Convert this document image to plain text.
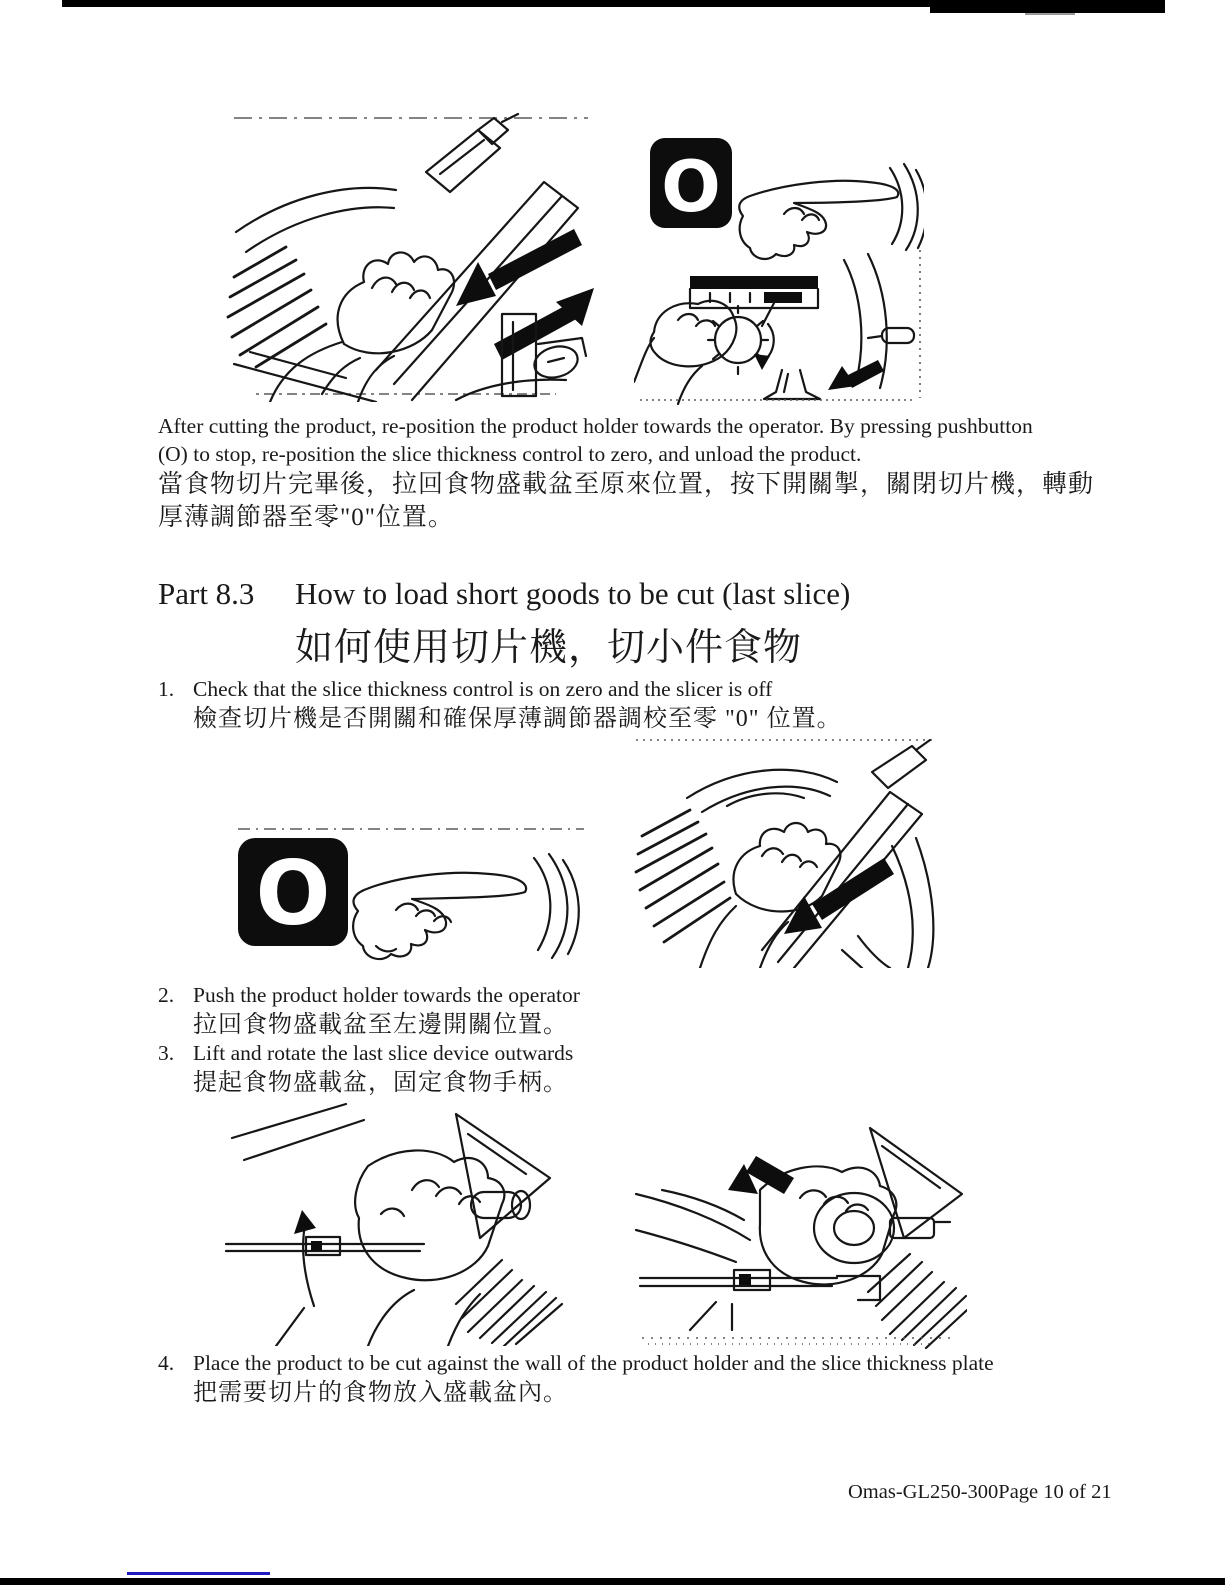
O
After cutting the product, re-position the product holder towards the operator. By pressing pushbutton
(O) to stop, re-position the slice thickness control to zero, and unload the product.
當食物切片完畢後，拉回食物盛載盆至原來位置，按下開關掣，關閉切片機，轉動
厚薄調節器至零"0"位置。
Part 8.3	How to load short goods to be cut (last slice)
如何使用切片機，切小件食物
1. Check that the slice thickness control is on zero and the slicer is off
檢查切片機是否開關和確保厚薄調節器調校至零 "0" 位置。
O
2. Push the product holder towards the operator
拉回食物盛載盆至左邊開關位置。
3. Lift and rotate the last slice device outwards
提起食物盛載盆，固定食物手柄。
4. Place the product to be cut against the wall of the product holder and the slice thickness plate
把需要切片的食物放入盛載盆內。
Omas-GL250-300Page 10 of 21
